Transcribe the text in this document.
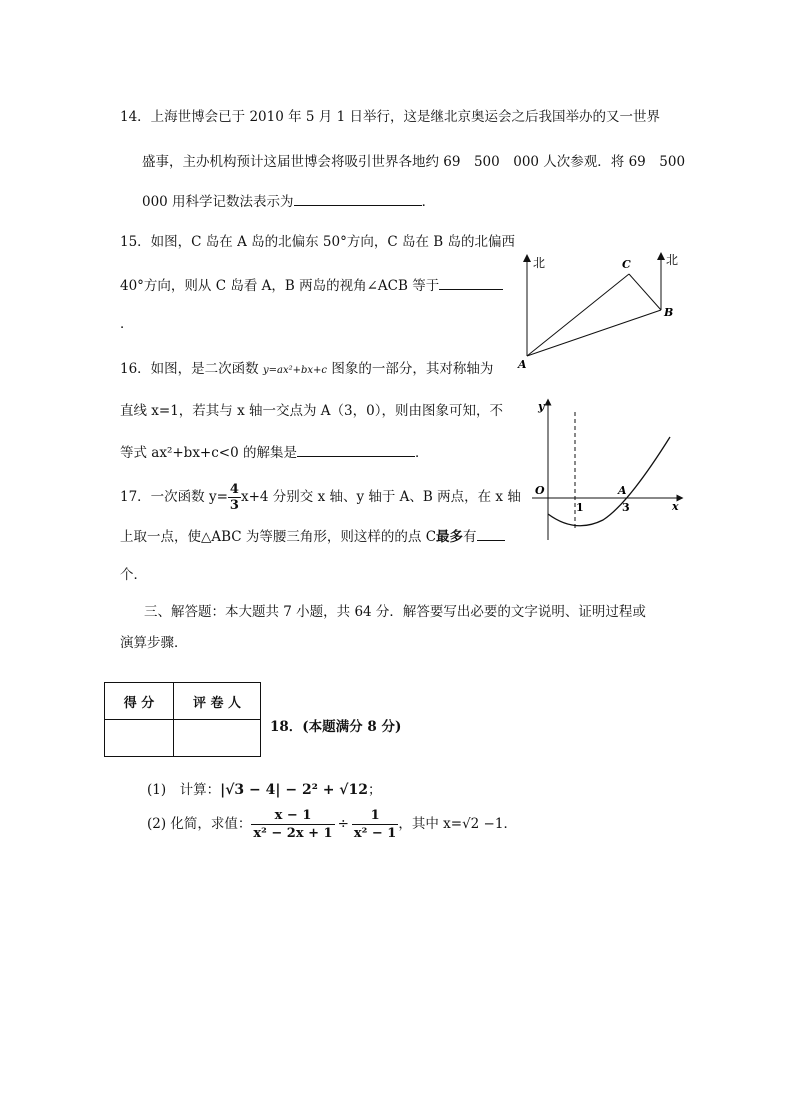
14．上海世博会已于 2010 年 5 月 1 日举行，这是继北京奥运会之后我国举办的又一世界
盛事，主办机构预计这届世博会将吸引世界各地约 69　500　000 人次参观．将 69　500
000 用科学记数法表示为	．
15．如图，C 岛在 A 岛的北偏东 50°方向，C 岛在 B 岛的北偏西
40°方向，则从 C 岛看 A，B 两岛的视角∠ACB 等于
．
北	北
A
B
C
16．如图，是二次函数 y=ax²+bx+c 图象的一部分，其对称轴为
直线 x=1，若其与 x 轴一交点为 A（3，0），则由图象可知，不
等式 ax²+bx+c<0 的解集是	．
y
x
O
1	3
A
17．一次函数 $y= \frac{4}{3} x+4$ 分别交 x 轴、y 轴于 A、B 两点，在 x 轴
上取一点，使△ABC 为等腰三角形，则这样的的点 C最多有
个．
三、解答题：本大题共 7 小题，共 64 分．解答要写出必要的文字说明、证明过程或
演算步骤．
得 分	评 卷 人

18．(本题满分 8 分)
(1)　计算：|√3 − 4| − 2² + √12；
(2) 化简，求值： $\frac{x - 1}{\text{x² − 2x + 1}} \div \frac{1}{\text{x² − 1}}$ ，其中 x=√2 −1．
